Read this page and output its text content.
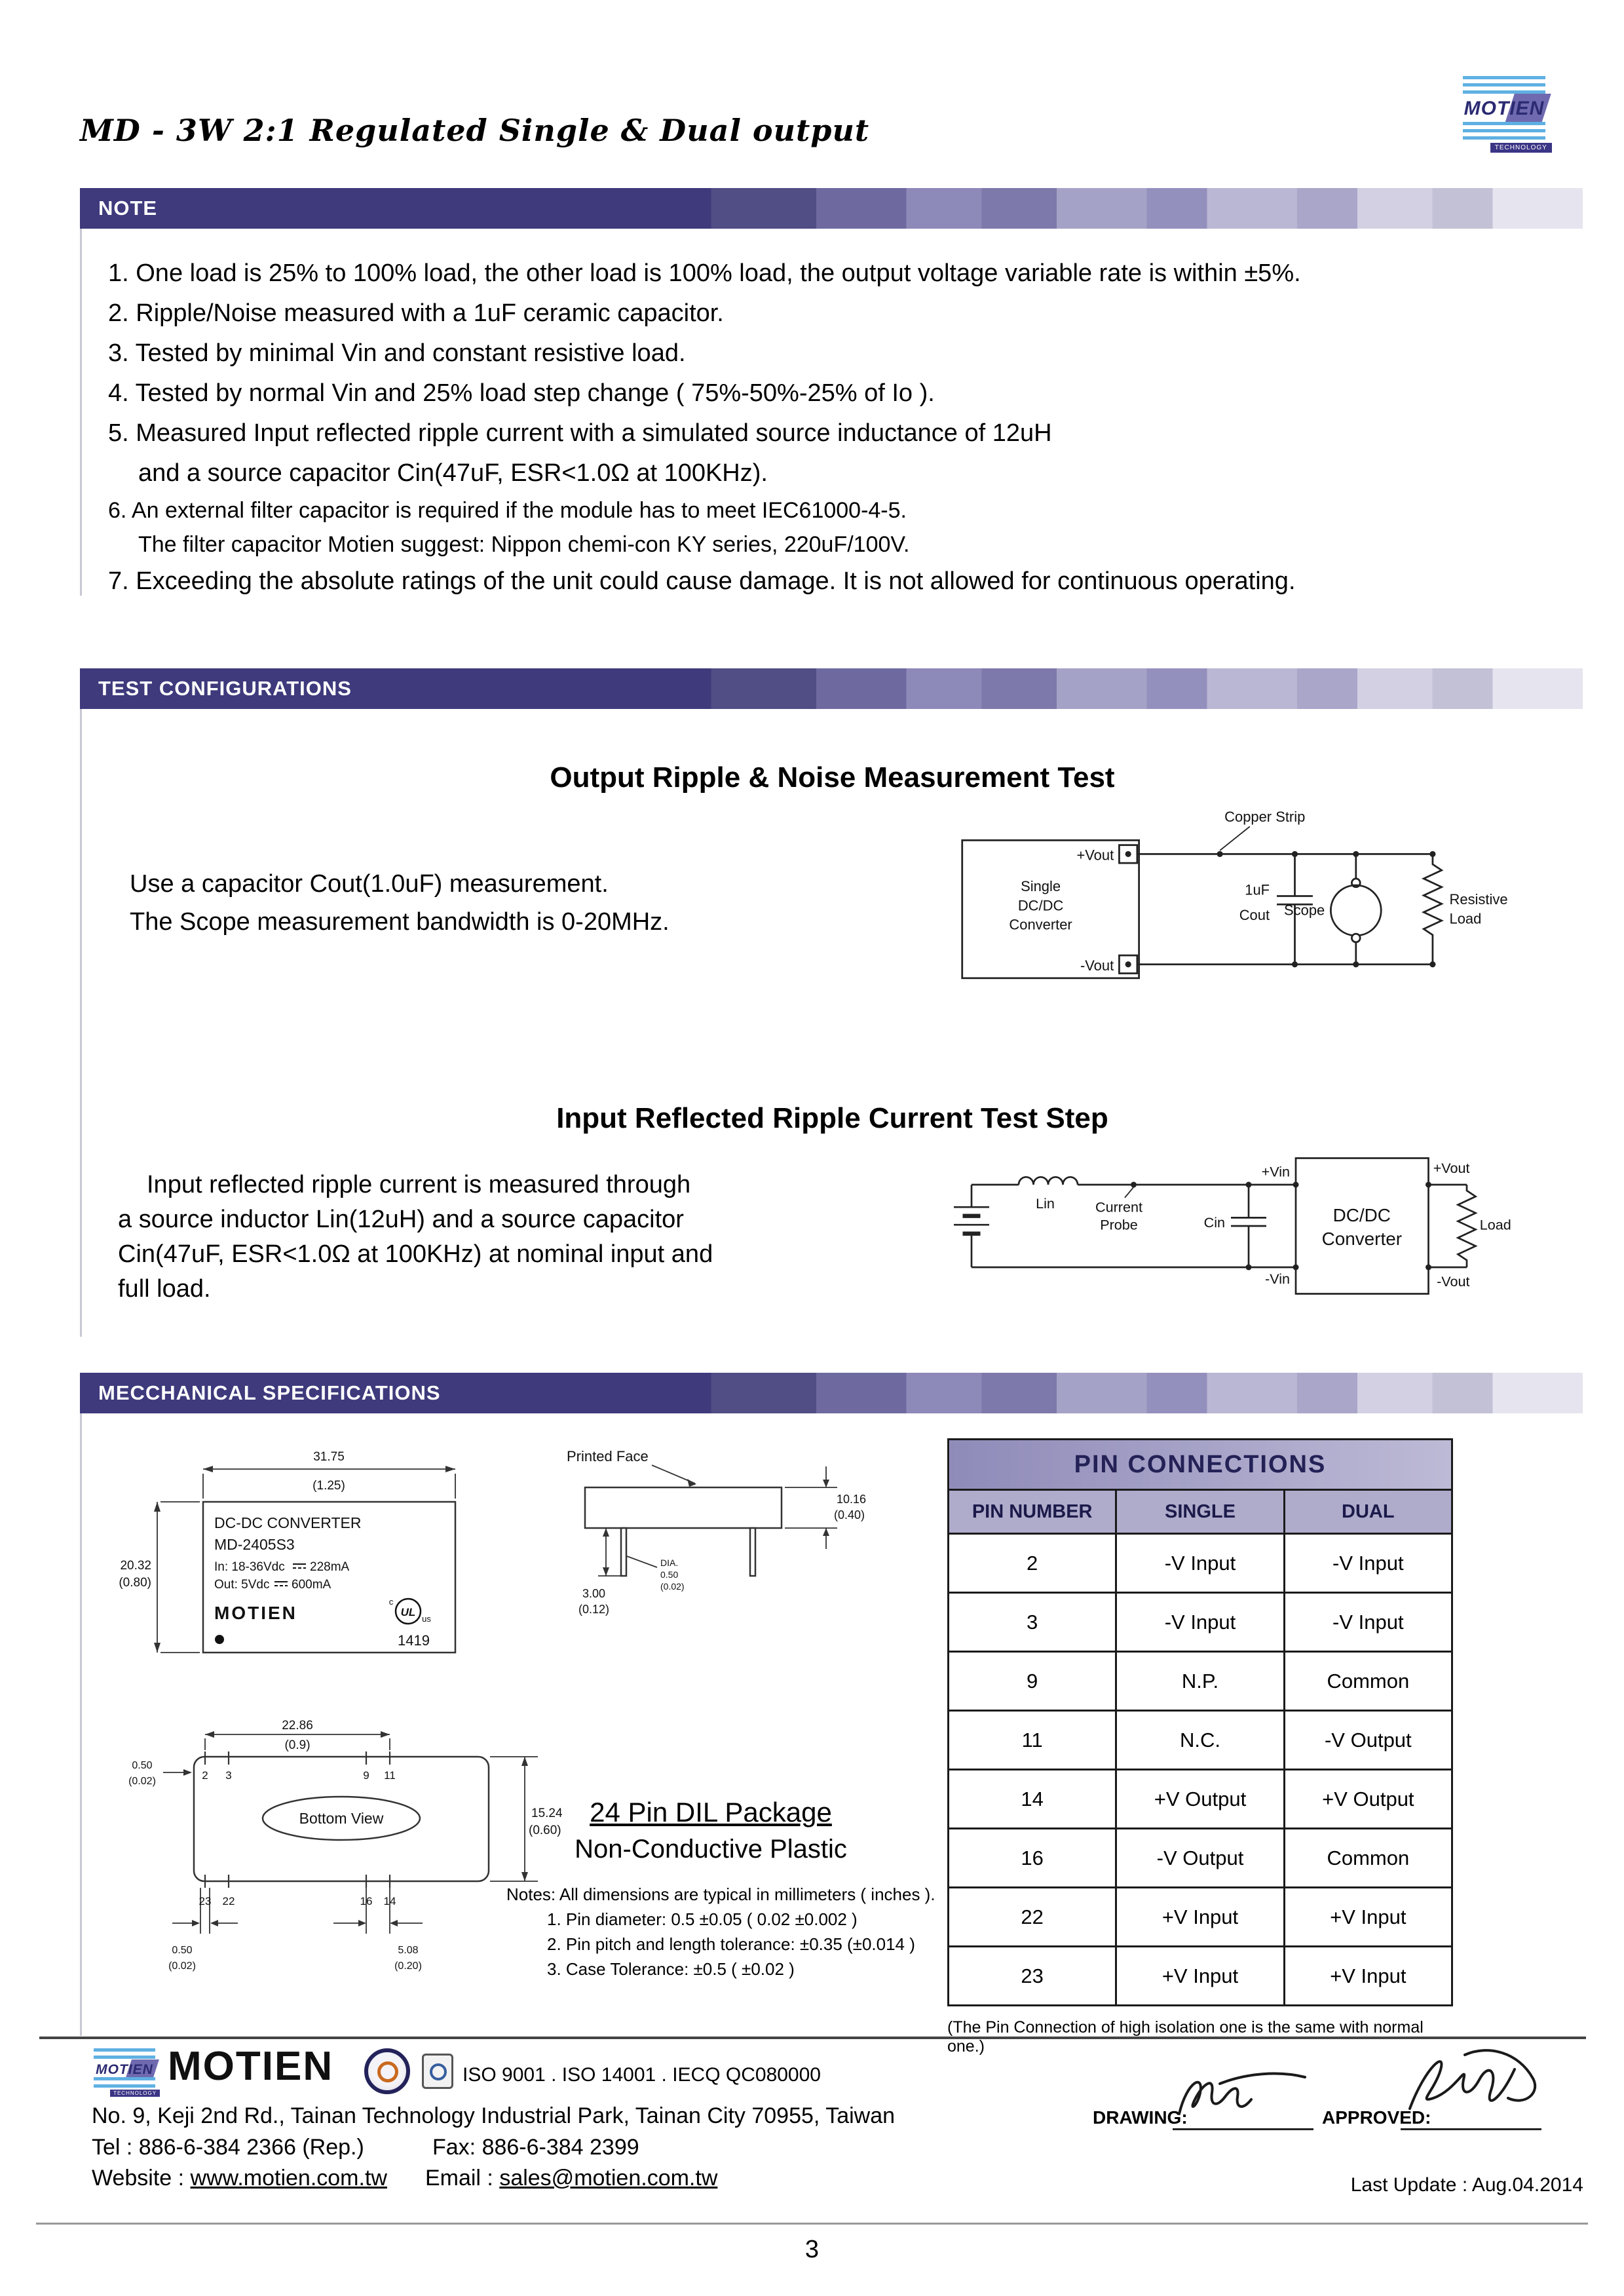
MD - 3W 2:1 Regulated Single & Dual output
MOTIEN
TECHNOLOGY
NOTE
1. One load is 25% to 100% load, the other load is 100% load, the output voltage variable rate is within ±5%.
2. Ripple/Noise measured with a 1uF ceramic capacitor.
3. Tested by minimal Vin and constant resistive load.
4. Tested by normal Vin and 25% load step change ( 75%-50%-25% of Io ).
5. Measured Input reflected ripple current with a simulated source inductance of 12uH
and a source capacitor Cin(47uF, ESR<1.0Ω at 100KHz).
6. An external filter capacitor is required if the module has to meet IEC61000-4-5.
The filter capacitor Motien suggest: Nippon chemi-con KY series, 220uF/100V.
7. Exceeding the absolute ratings of the unit could cause damage. It is not allowed for continuous operating.
TEST CONFIGURATIONS
Output Ripple & Noise Measurement Test
Use a capacitor Cout(1.0uF) measurement.
The Scope measurement bandwidth is 0-20MHz.
Copper Strip
+Vout
-Vout
Single
DC/DC
Converter
1uF
Cout Scope
Resistive
Load
Input Reflected Ripple Current Test Step
Input reflected ripple current is measured through
a source inductor Lin(12uH) and a source capacitor
Cin(47uF, ESR<1.0Ω at 100KHz) at nominal input and
full load.
Lin	Current
Probe	Cin
+Vin
-Vin
+Vout
-Vout
Load
DC/DC
Converter
MECCHANICAL SPECIFICATIONS
31.75
(1.25)
20.32
(0.80)
DC-DC CONVERTER
MD-2405S3
In: 18-36Vdc 228mA
Out: 5Vdc 600mA
MOTIEN
1419
UL
c
us
Printed Face
10.16
(0.40)
3.00
(0.12)
DIA.
0.50
(0.02)
22.86
(0.9)
15.24
(0.60)
0.50
(0.02)
0.50
(0.02)
5.08
(0.20)
2 3	9 11
23 22	16 14
Bottom View	24 Pin DIL Package
Non-Conductive Plastic
Notes: All dimensions are typical in millimeters ( inches ).
1. Pin diameter: 0.5 ±0.05 ( 0.02 ±0.002 )
2. Pin pitch and length tolerance: ±0.35 (±0.014 )
3. Case Tolerance: ±0.5 ( ±0.02 )
PIN CONNECTIONS		
PIN NUMBER	SINGLE	DUAL
2	-V Input	-V Input
3	-V Input	-V Input
9	N.P.	Common
11	N.C.	-V Output
14	+V Output	+V Output
16	-V Output	Common
22	+V Input	+V Input
23	+V Input	+V Input
(The Pin Connection of high isolation one is the same with normal one.)
MOTIEN
TECHNOLOGY
MOTIEN	ISO 9001 . ISO 14001 . IECQ QC080000
No. 9, Keji 2nd Rd., Tainan Technology Industrial Park, Tainan City 70955, Taiwan
Tel : 886-6-384 2366 (Rep.)	Fax: 886-6-384 2399
Website : www.motien.com.tw Email : sales@motien.com.tw
DRAWING:	APPROVED:
Last Update : Aug.04.2014
3
